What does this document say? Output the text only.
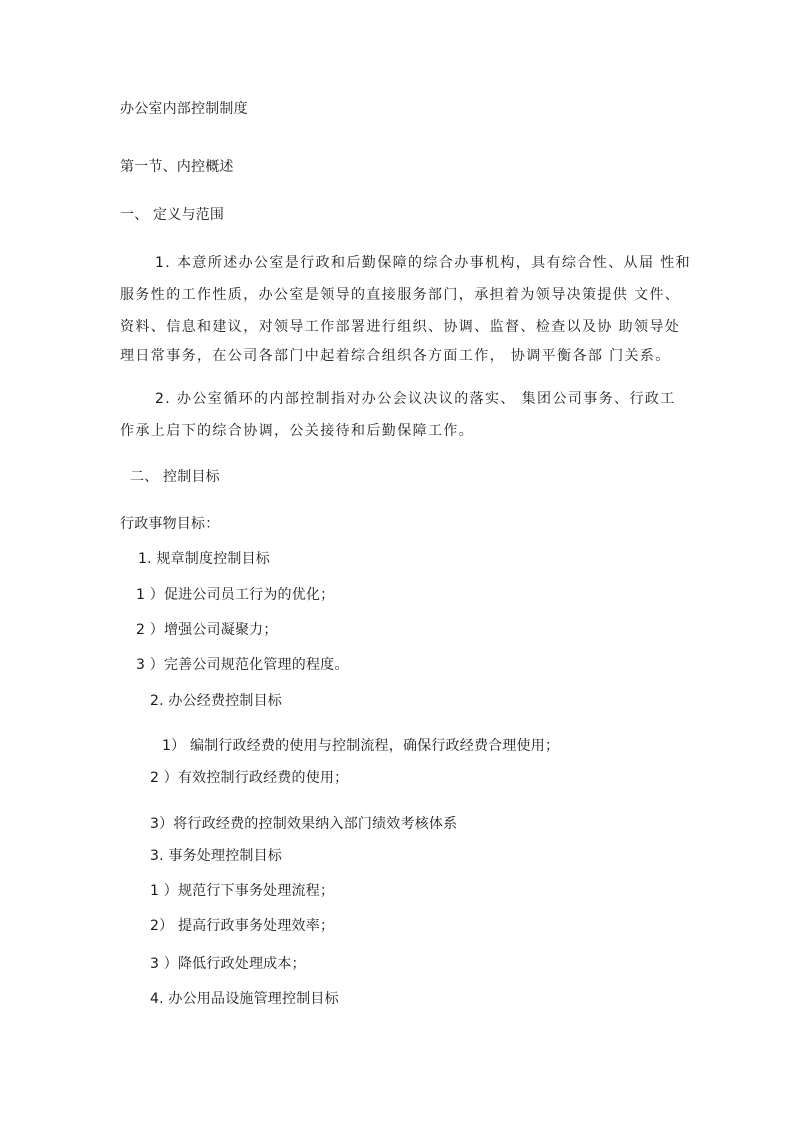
办公室内部控制制度

第一节、内控概述

一、 定义与范围

1. 本意所述办公室是行政和后勤保障的综合办事机构，具有综合性、从届 性和

服务性的工作性质，办公室是领导的直接服务部门，承担着为领导决策提供 文件、

资料、信息和建议，对领导工作部署进行组织、协调、监督、检查以及协 助领导处

理日常事务，在公司各部门中起着综合组织各方面工作， 协调平衡各部 门关系。

2. 办公室循环的内部控制指对办公会议决议的落实、 集团公司事务、行政工

作承上启下的综合协调，公关接待和后勤保障工作。

二、 控制目标

行政事物目标：

1. 规章制度控制目标

1 ）促进公司员工行为的优化；

2 ）增强公司凝聚力；

3 ）完善公司规范化管理的程度。

2. 办公经费控制目标

1） 编制行政经费的使用与控制流程，确保行政经费合理使用；

2 ）有效控制行政经费的使用；

3）将行政经费的控制效果纳入部门绩效考核体系

3. 事务处理控制目标

1 ）规范行下事务处理流程；

2） 提高行政事务处理效率；

3 ）降低行政处理成本；

4. 办公用品设施管理控制目标
